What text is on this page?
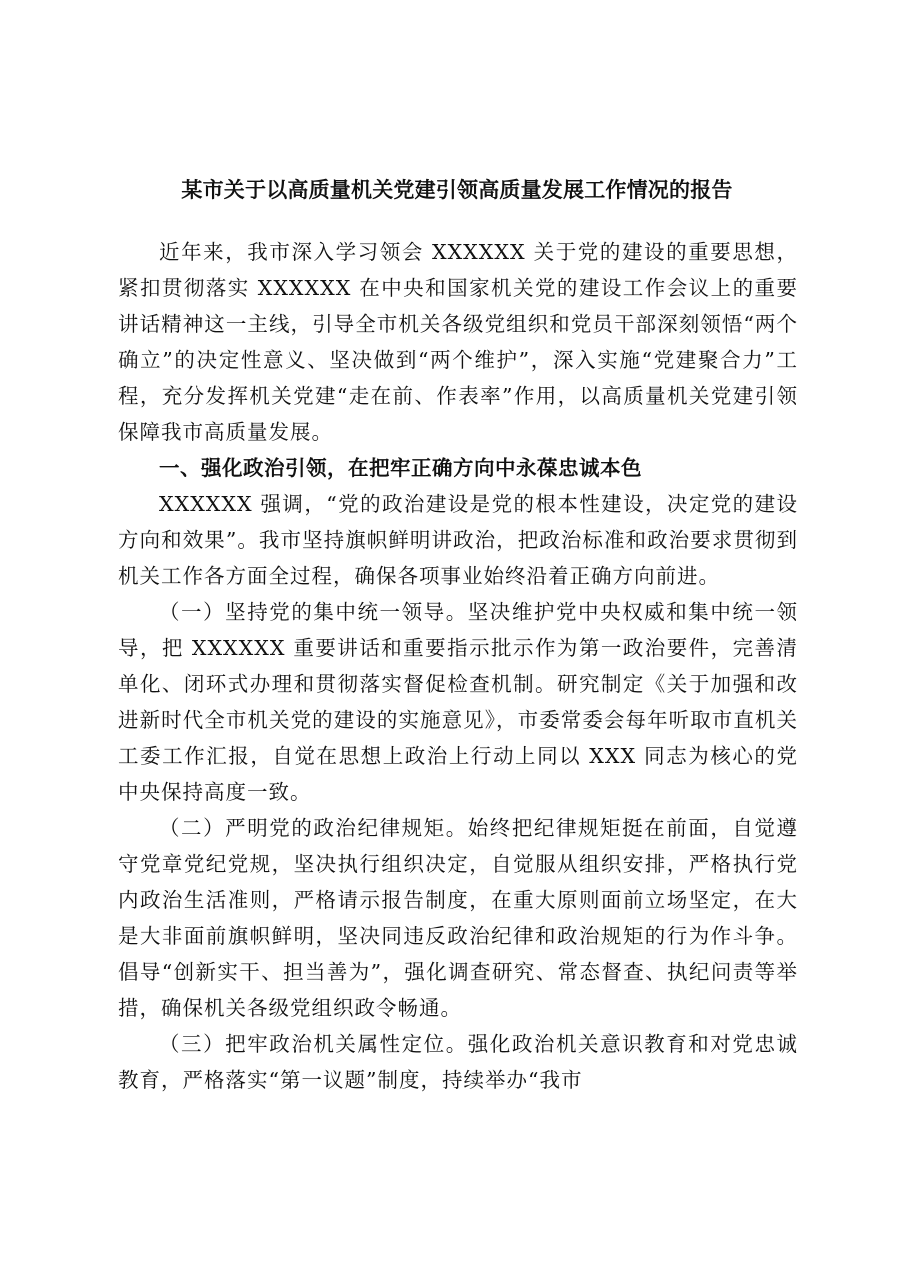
某市关于以高质量机关党建引领高质量发展工作情况的报告

近年来，我市深入学习领会 XXXXXX 关于党的建设的重要思想，紧扣贯彻落实 XXXXXX 在中央和国家机关党的建设工作会议上的重要讲话精神这一主线，引导全市机关各级党组织和党员干部深刻领悟“两个确立”的决定性意义、坚决做到“两个维护”，深入实施“党建聚合力”工程，充分发挥机关党建“走在前、作表率”作用，以高质量机关党建引领保障我市高质量发展。

一、强化政治引领，在把牢正确方向中永葆忠诚本色

XXXXXX 强调，“党的政治建设是党的根本性建设，决定党的建设方向和效果”。我市坚持旗帜鲜明讲政治，把政治标准和政治要求贯彻到机关工作各方面全过程，确保各项事业始终沿着正确方向前进。

（一）坚持党的集中统一领导。坚决维护党中央权威和集中统一领导，把 XXXXXX 重要讲话和重要指示批示作为第一政治要件，完善清单化、闭环式办理和贯彻落实督促检查机制。研究制定《关于加强和改进新时代全市机关党的建设的实施意见》，市委常委会每年听取市直机关工委工作汇报，自觉在思想上政治上行动上同以 XXX 同志为核心的党中央保持高度一致。

（二）严明党的政治纪律规矩。始终把纪律规矩挺在前面，自觉遵守党章党纪党规，坚决执行组织决定，自觉服从组织安排，严格执行党内政治生活准则，严格请示报告制度，在重大原则面前立场坚定，在大是大非面前旗帜鲜明，坚决同违反政治纪律和政治规矩的行为作斗争。倡导“创新实干、担当善为”，强化调查研究、常态督查、执纪问责等举措，确保机关各级党组织政令畅通。

（三）把牢政治机关属性定位。强化政治机关意识教育和对党忠诚教育，严格落实“第一议题”制度，持续举办“我市
